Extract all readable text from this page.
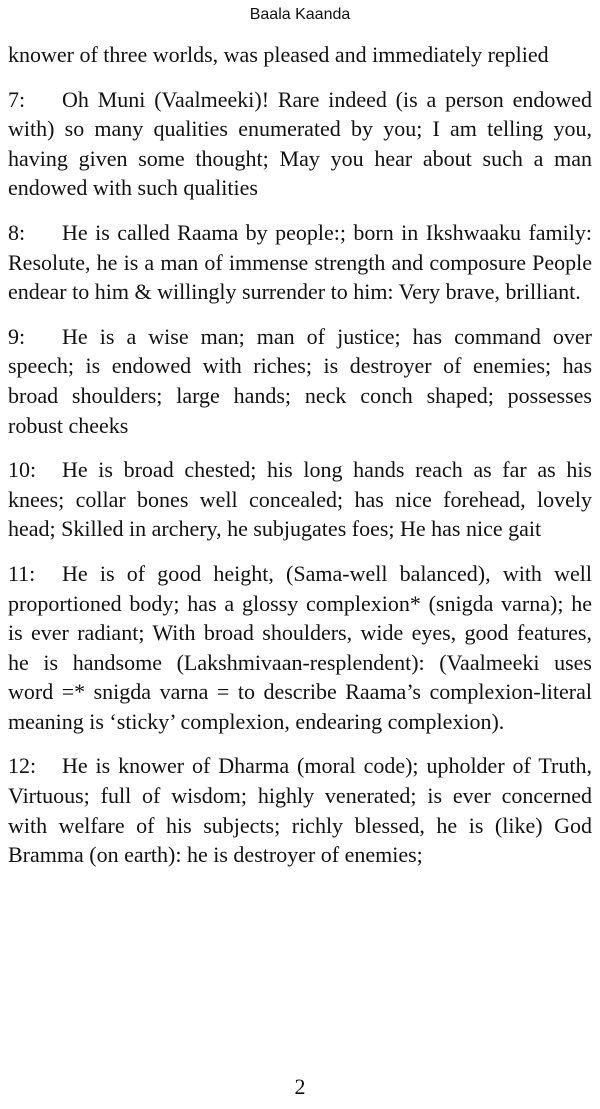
Baala Kaanda

knower of three worlds, was pleased and immediately replied

7: Oh Muni (Vaalmeeki)! Rare indeed (is a person endowed with) so many qualities enumerated by you; I am telling you, having given some thought; May you hear about such a man endowed with such qualities

8: He is called Raama by people:; born in Ikshwaaku family: Resolute, he is a man of immense strength and composure People endear to him & willingly surrender to him: Very brave, brilliant.

9: He is a wise man; man of justice; has command over speech; is endowed with riches; is destroyer of enemies; has broad shoulders; large hands; neck conch shaped; possesses robust cheeks

10: He is broad chested; his long hands reach as far as his knees; collar bones well concealed; has nice forehead, lovely head; Skilled in archery, he subjugates foes; He has nice gait

11: He is of good height, (Sama-well balanced), with well proportioned body; has a glossy complexion* (snigda varna); he is ever radiant; With broad shoulders, wide eyes, good features, he is handsome (Lakshmivaan-resplendent): (Vaalmeeki uses word =* snigda varna = to describe Raama’s complexion-literal meaning is ‘sticky’ complexion, endearing complexion).

12: He is knower of Dharma (moral code); upholder of Truth, Virtuous; full of wisdom; highly venerated; is ever concerned with welfare of his subjects; richly blessed, he is (like) God Bramma (on earth): he is destroyer of enemies;

2
